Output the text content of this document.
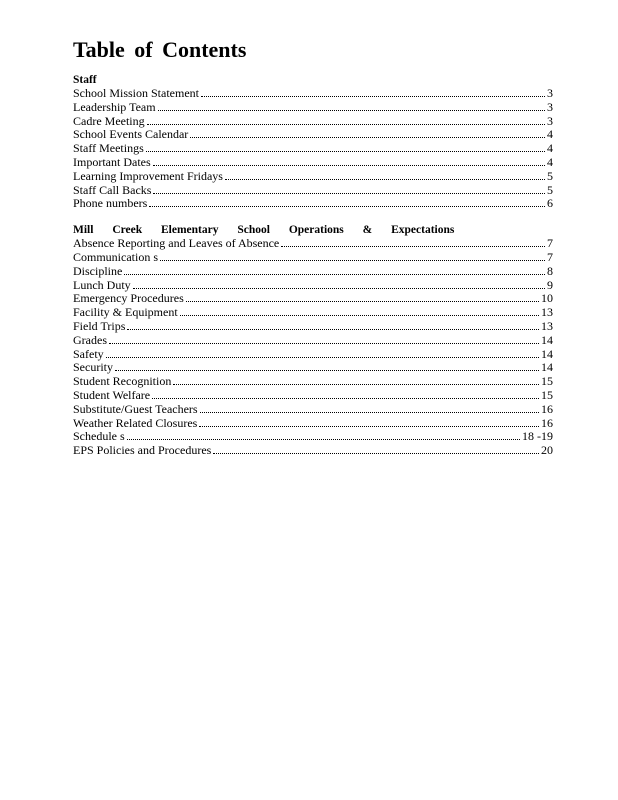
Table of Contents
Staff
School Mission Statement	3
Leadership Team	3
Cadre Meeting	3
School Events Calendar	4
Staff Meetings	4
Important Dates	4
Learning Improvement Fridays	5
Staff Call Backs	5
Phone numbers	6
Mill Creek Elementary School Operations & Expectations
Absence Reporting and Leaves of Absence	7
Communication s	7
Discipline	8
Lunch Duty	9
Emergency Procedures	10
Facility & Equipment	13
Field Trips	13
Grades	14
Safety	14
Security	14
Student Recognition	15
Student Welfare	15
Substitute/Guest Teachers	16
Weather Related Closures	16
Schedule s	18 -19
EPS Policies and Procedures	20
